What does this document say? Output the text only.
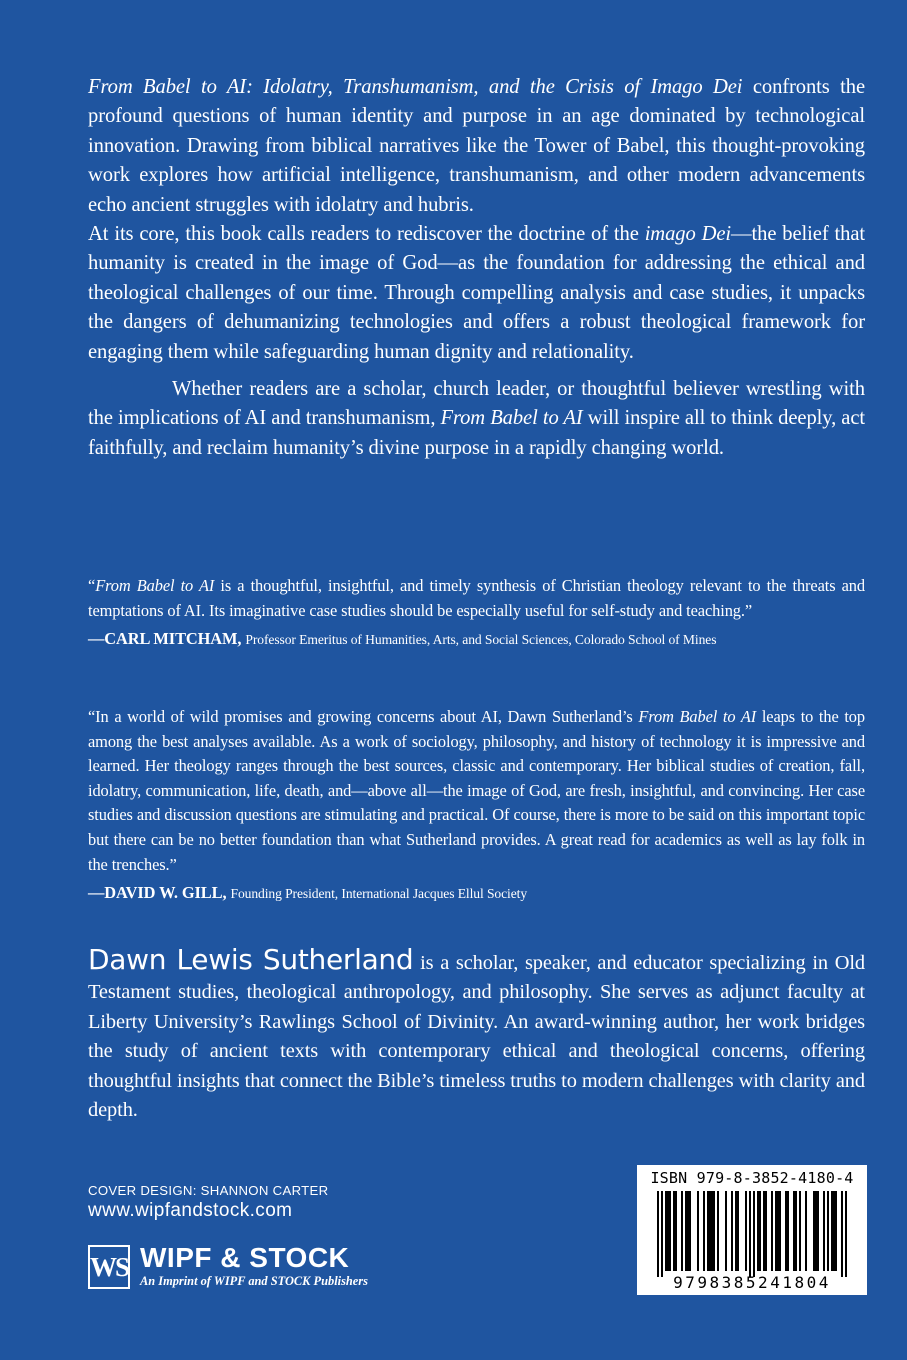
From Babel to AI: Idolatry, Transhumanism, and the Crisis of Imago Dei confronts the profound questions of human identity and purpose in an age dominated by technological innovation. Drawing from biblical narratives like the Tower of Babel, this thought-provoking work explores how artificial intelligence, transhumanism, and other modern advancements echo ancient struggles with idolatry and hubris.

At its core, this book calls readers to rediscover the doctrine of the imago Dei—the belief that humanity is created in the image of God—as the foundation for addressing the ethical and theological challenges of our time. Through compelling analysis and case studies, it unpacks the dangers of dehumanizing technologies and offers a robust theological framework for engaging them while safeguarding human dignity and relationality.

Whether readers are a scholar, church leader, or thoughtful believer wrestling with the implications of AI and transhumanism, From Babel to AI will inspire all to think deeply, act faithfully, and reclaim humanity’s divine purpose in a rapidly changing world.

“From Babel to AI is a thoughtful, insightful, and timely synthesis of Christian theology relevant to the threats and temptations of AI. Its imaginative case studies should be especially useful for self-study and teaching.”

—CARL MITCHAM, Professor Emeritus of Humanities, Arts, and Social Sciences, Colorado School of Mines

“In a world of wild promises and growing concerns about AI, Dawn Sutherland’s From Babel to AI leaps to the top among the best analyses available. As a work of sociology, philosophy, and history of technology it is impressive and learned. Her theology ranges through the best sources, classic and contemporary. Her biblical studies of creation, fall, idolatry, communication, life, death, and—above all—the image of God, are fresh, insightful, and convincing. Her case studies and discussion questions are stimulating and practical. Of course, there is more to be said on this important topic but there can be no better foundation than what Sutherland provides. A great read for academics as well as lay folk in the trenches.”

—DAVID W. GILL, Founding President, International Jacques Ellul Society

Dawn Lewis Sutherland is a scholar, speaker, and educator specializing in Old Testament studies, theological anthropology, and philosophy. She serves as adjunct faculty at Liberty University’s Rawlings School of Divinity. An award-winning author, her work bridges the study of ancient texts with contemporary ethical and theological concerns, offering thoughtful insights that connect the Bible’s timeless truths to modern challenges with clarity and depth.
COVER DESIGN: SHANNON CARTER
www.wipfandstock.com
WS WIPF & STOCK
An Imprint of WIPF and STOCK Publishers
ISBN 979-8-3852-4180-4
9798385241804
